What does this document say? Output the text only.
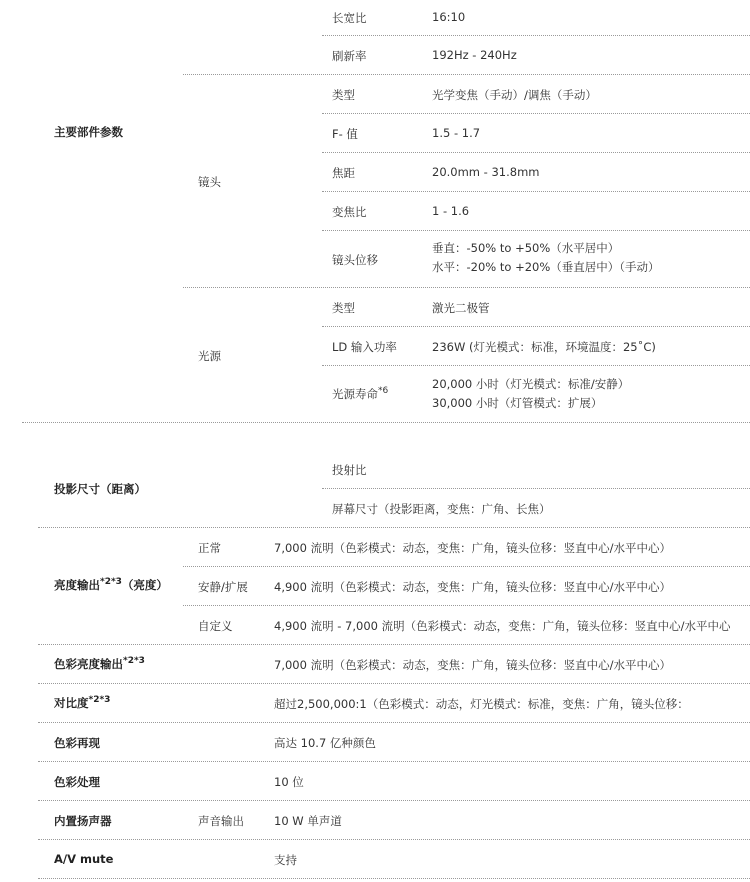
主要部件参数
长宽比	16:10
刷新率	192Hz - 240Hz
镜头
类型	光学变焦（手动）/调焦（手动）
F- 值	1.5 - 1.7
焦距	20.0mm - 31.8mm
变焦比	1 - 1.6
镜头位移
垂直：-50% to +50%（水平居中）
水平：-20% to +20%（垂直居中）（手动）
光源
类型	激光二极管
LD 输入功率	236W (灯光模式：标准，环境温度：25˚C)
光源寿命$^{*6}$	20,000 小时（灯光模式：标准/安静）
30,000 小时（灯管模式：扩展）
投影尺寸（距离）
投射比
屏幕尺寸（投影距离，变焦：广角、长焦）
亮度输出$^{*2*3}$（亮度）
正常	7,000 流明（色彩模式：动态，变焦：广角，镜头位移：竖直中心/水平中心）
安静/扩展 4,900 流明（色彩模式：动态，变焦：广角，镜头位移：竖直中心/水平中心）
自定义	4,900 流明 - 7,000 流明（色彩模式：动态，变焦：广角，镜头位移：竖直中心/水平中心
色彩亮度输出$^{*2*3}$	7,000 流明（色彩模式：动态，变焦：广角，镜头位移：竖直中心/水平中心）
对比度$^{*2*3}$	超过2,500,000:1（色彩模式：动态，灯光模式：标准，变焦：广角，镜头位移：
色彩再现	高达 10.7 亿种颜色
色彩处理	10 位
内置扬声器	声音输出	10 W 单声道
A/V mute	支持
